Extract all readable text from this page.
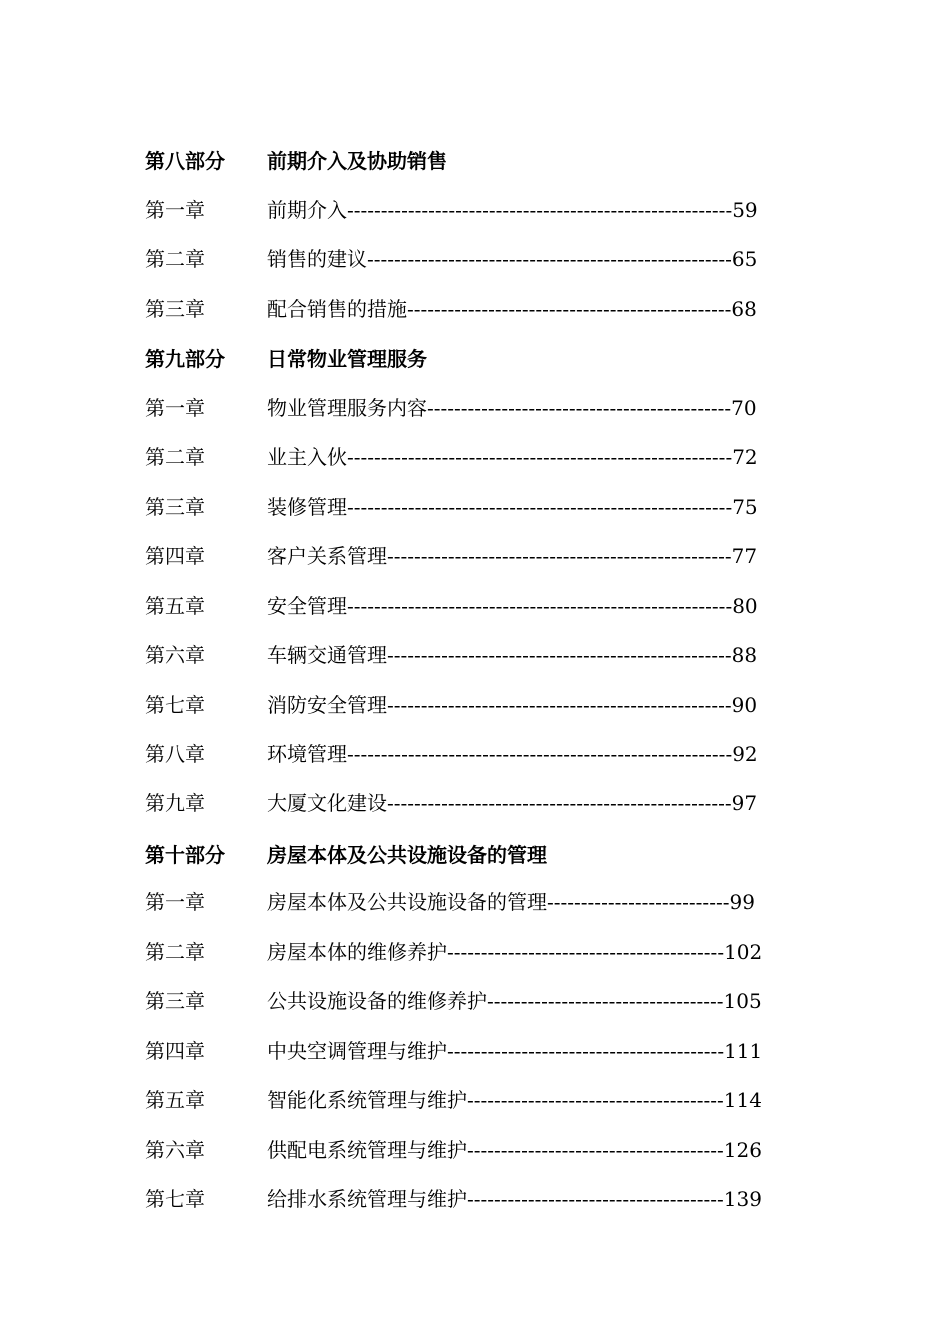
第八部分 前期介入及协助销售
第一章	前期介入---------------------------------------------------------59
第二章	销售的建议------------------------------------------------------65
第三章	配合销售的措施------------------------------------------------68
第九部分 日常物业管理服务
第一章	物业管理服务内容---------------------------------------------70
第二章	业主入伙---------------------------------------------------------72
第三章	装修管理---------------------------------------------------------75
第四章	客户关系管理---------------------------------------------------77
第五章	安全管理---------------------------------------------------------80
第六章	车辆交通管理---------------------------------------------------88
第七章	消防安全管理---------------------------------------------------90
第八章	环境管理---------------------------------------------------------92
第九章	大厦文化建设---------------------------------------------------97
第十部分 房屋本体及公共设施设备的管理
第一章	房屋本体及公共设施设备的管理---------------------------99
第二章	房屋本体的维修养护-----------------------------------------102
第三章	公共设施设备的维修养护-----------------------------------105
第四章	中央空调管理与维护-----------------------------------------111
第五章	智能化系统管理与维护--------------------------------------114
第六章	供配电系统管理与维护--------------------------------------126
第七章	给排水系统管理与维护--------------------------------------139
